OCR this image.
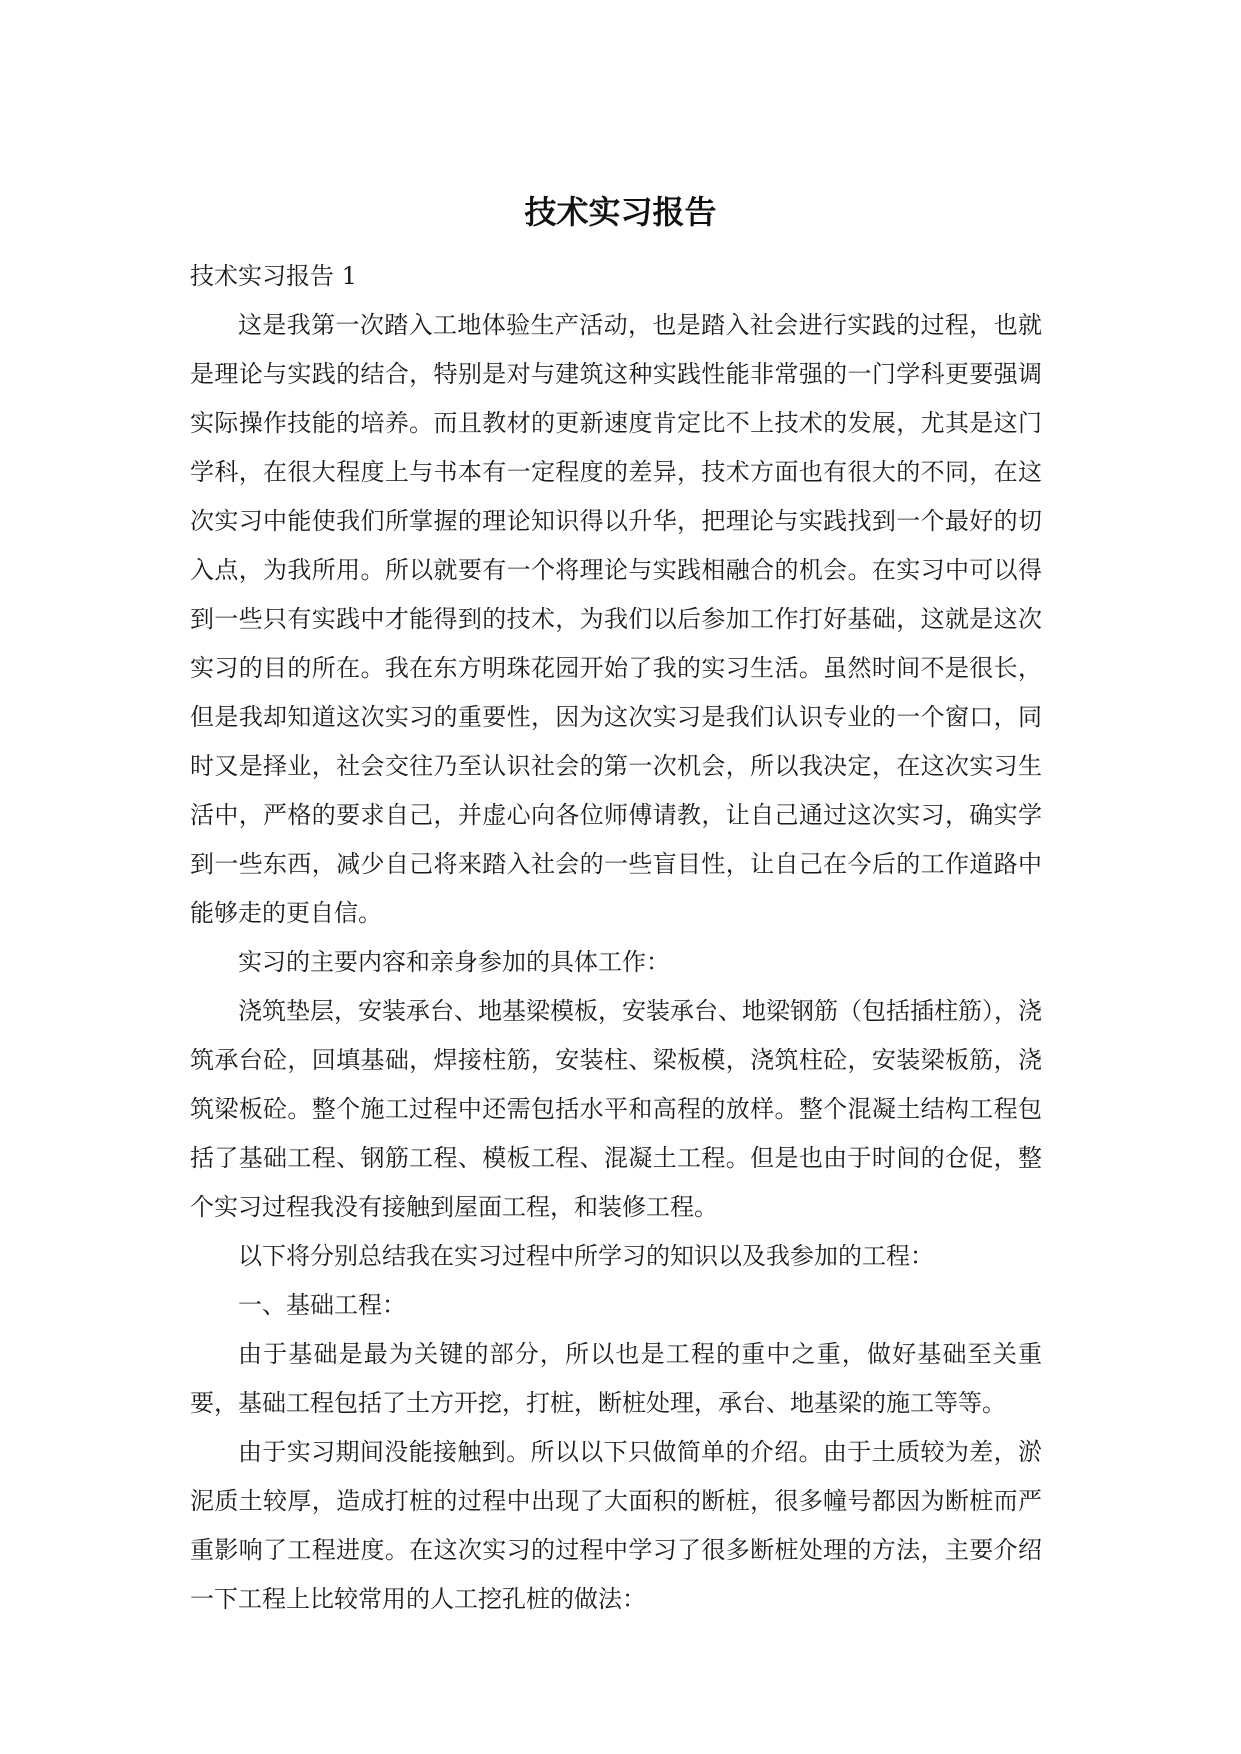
技术实习报告

技术实习报告 1

这是我第一次踏入工地体验生产活动，也是踏入社会进行实践的过程，也就是理论与实践的结合，特别是对与建筑这种实践性能非常强的一门学科更要强调实际操作技能的培养。而且教材的更新速度肯定比不上技术的发展，尤其是这门学科，在很大程度上与书本有一定程度的差异，技术方面也有很大的不同，在这次实习中能使我们所掌握的理论知识得以升华，把理论与实践找到一个最好的切入点，为我所用。所以就要有一个将理论与实践相融合的机会。在实习中可以得到一些只有实践中才能得到的技术，为我们以后参加工作打好基础，这就是这次实习的目的所在。我在东方明珠花园开始了我的实习生活。虽然时间不是很长，但是我却知道这次实习的重要性，因为这次实习是我们认识专业的一个窗口，同时又是择业，社会交往乃至认识社会的第一次机会，所以我决定，在这次实习生活中，严格的要求自己，并虚心向各位师傅请教，让自己通过这次实习，确实学到一些东西，减少自己将来踏入社会的一些盲目性，让自己在今后的工作道路中能够走的更自信。

实习的主要内容和亲身参加的具体工作：

浇筑垫层，安装承台、地基梁模板，安装承台、地梁钢筋（包括插柱筋），浇筑承台砼，回填基础，焊接柱筋，安装柱、梁板模，浇筑柱砼，安装梁板筋，浇筑梁板砼。整个施工过程中还需包括水平和高程的放样。整个混凝土结构工程包括了基础工程、钢筋工程、模板工程、混凝土工程。但是也由于时间的仓促，整个实习过程我没有接触到屋面工程，和装修工程。

以下将分别总结我在实习过程中所学习的知识以及我参加的工程：

一、基础工程：

由于基础是最为关键的部分，所以也是工程的重中之重，做好基础至关重要，基础工程包括了土方开挖，打桩，断桩处理，承台、地基梁的施工等等。

由于实习期间没能接触到。所以以下只做简单的介绍。由于土质较为差，淤泥质土较厚，造成打桩的过程中出现了大面积的断桩，很多幢号都因为断桩而严重影响了工程进度。在这次实习的过程中学习了很多断桩处理的方法，主要介绍一下工程上比较常用的人工挖孔桩的做法：
